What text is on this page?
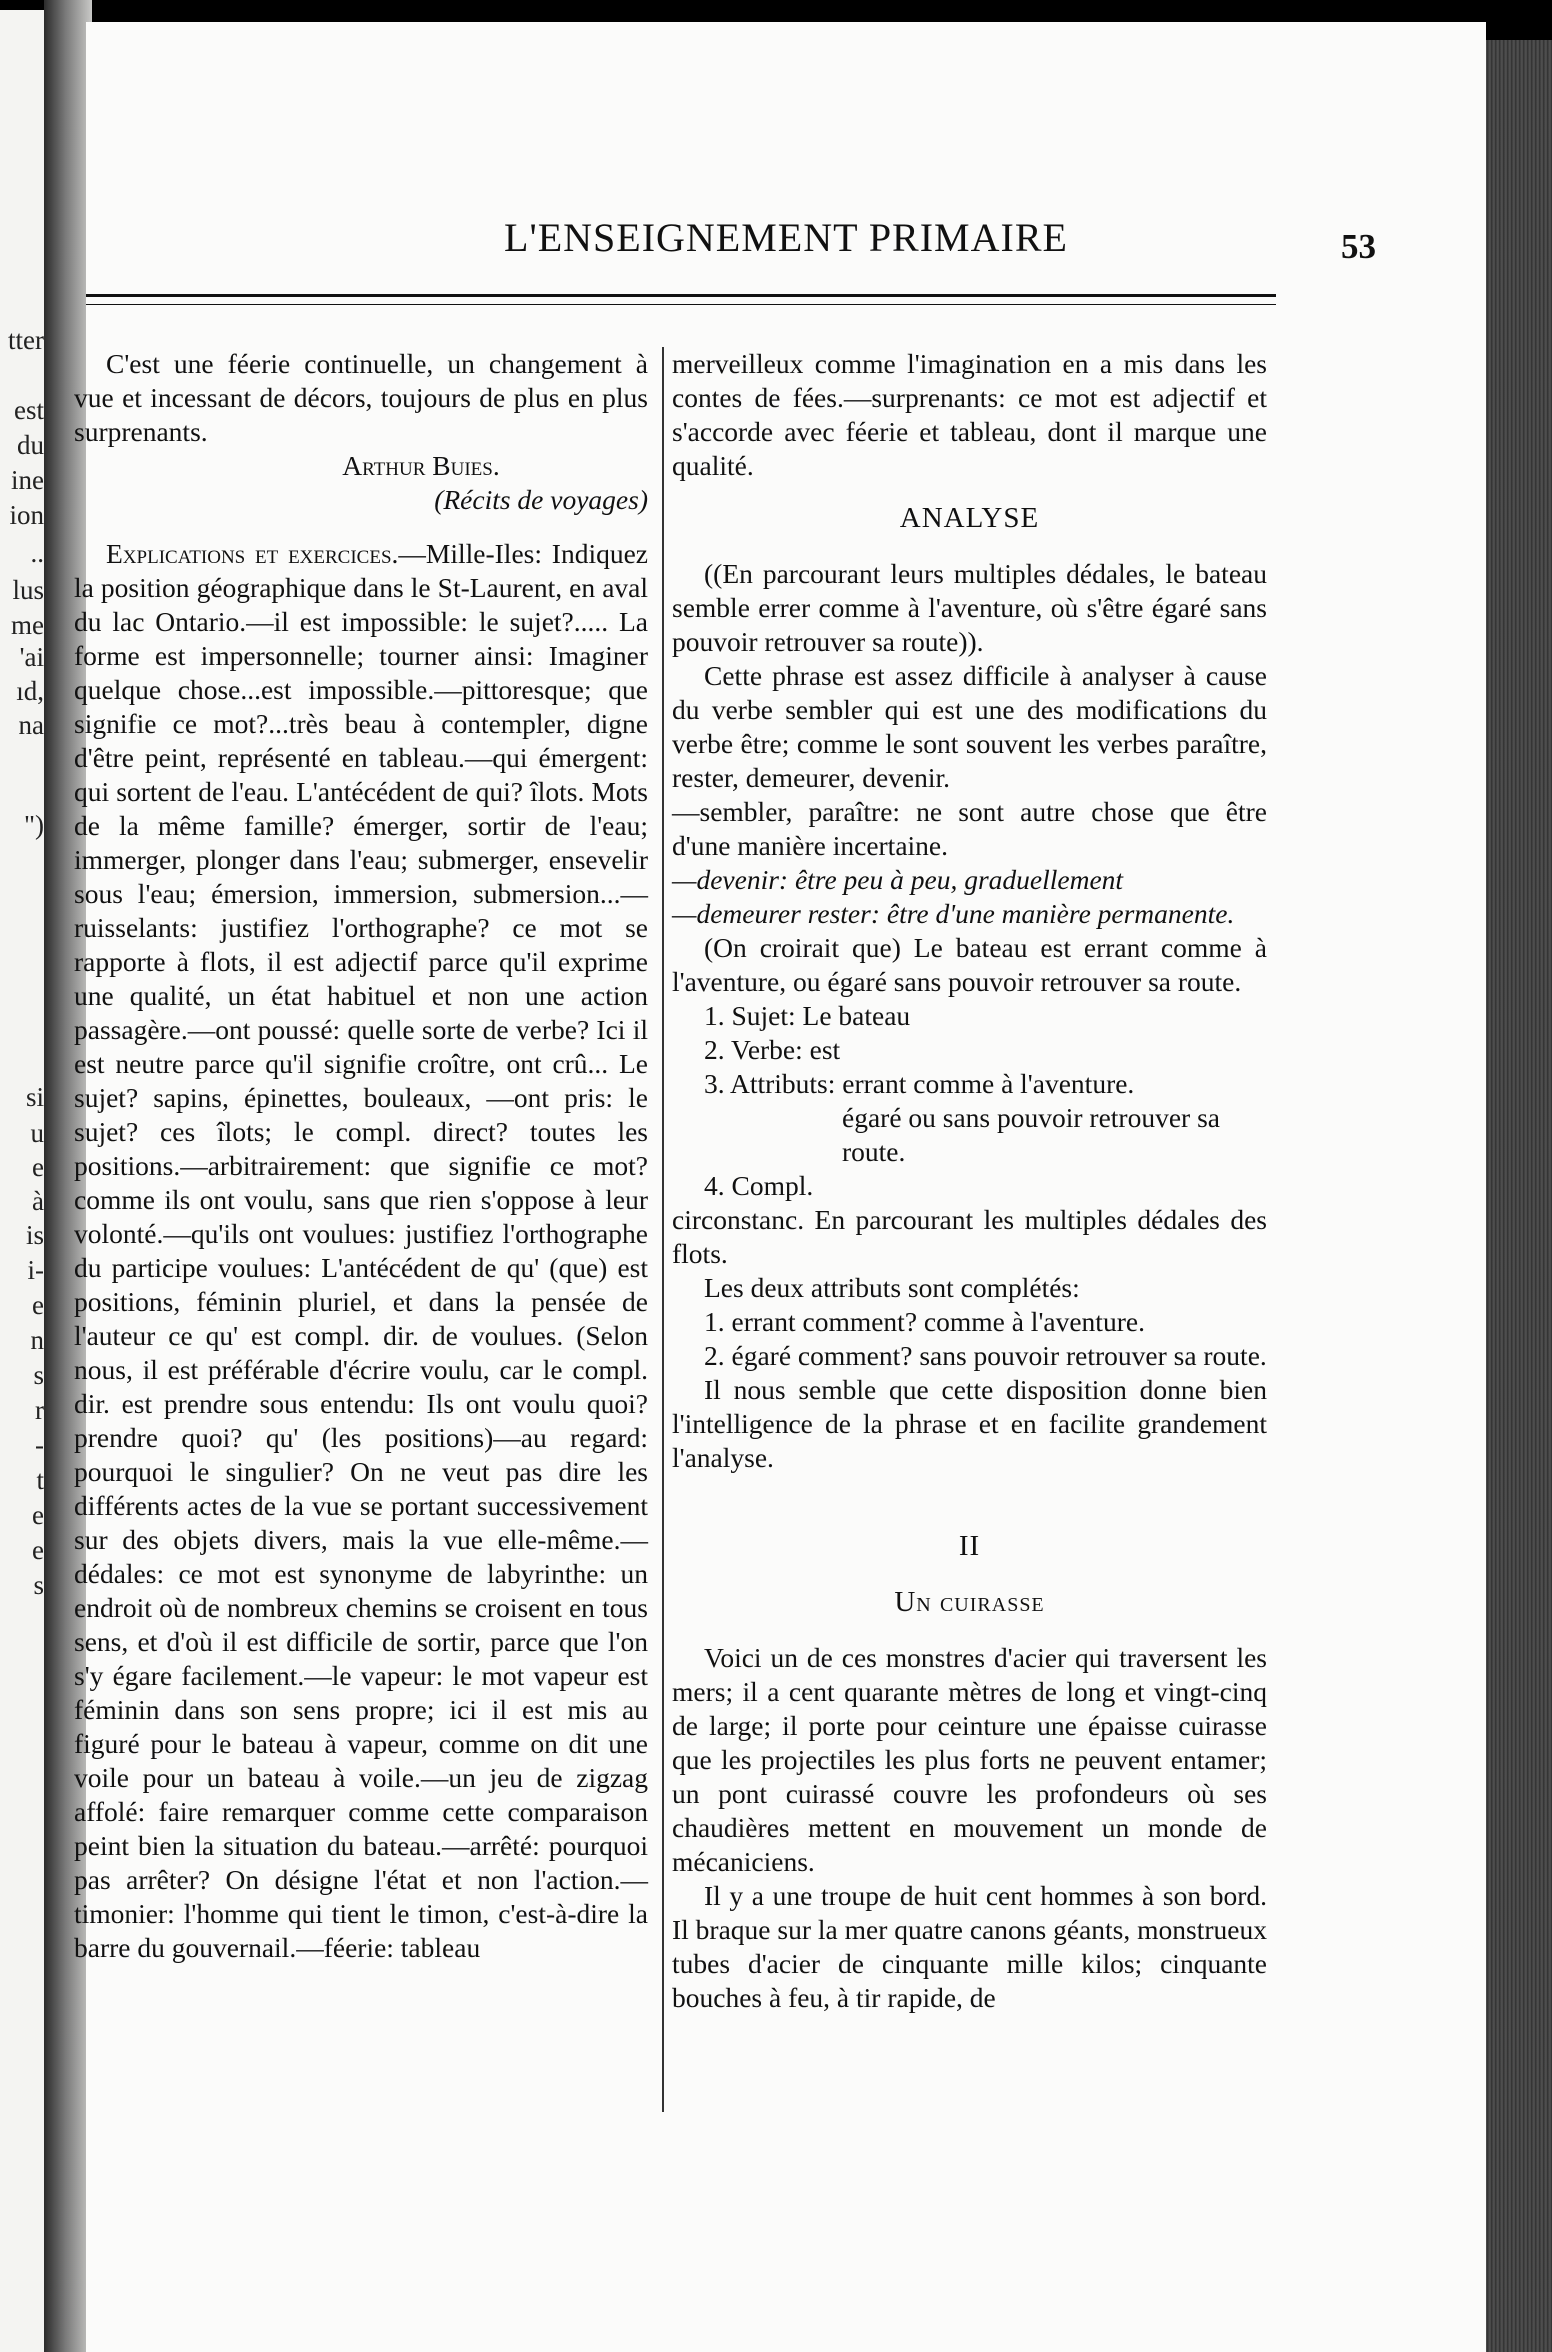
tter
est
du
ine
ion
..
lus
me
'ai
ıd,
na
")
si
u
e
à
is
i-
e
n
s
r
-
t
e
e
s
L'ENSEIGNEMENT PRIMAIRE	53

C'est une féerie continuelle, un changement à vue et incessant de décors, toujours de plus en plus surprenants.

Arthur Buies.

(Récits de voyages)

Explications et exercices.—Mille-Iles: Indiquez la position géographique dans le St-Laurent, en aval du lac Ontario.—il est impossible: le sujet?..... La forme est impersonnelle; tourner ainsi: Imaginer quelque chose...est impossible.—pittoresque; que signifie ce mot?...très beau à contempler, digne d'être peint, représenté en tableau.—qui émergent: qui sortent de l'eau. L'antécédent de qui? îlots. Mots de la même famille? émerger, sortir de l'eau; immerger, plonger dans l'eau; submerger, ensevelir sous l'eau; émersion, immersion, submersion...—ruisselants: justifiez l'orthographe? ce mot se rapporte à flots, il est adjectif parce qu'il exprime une qualité, un état habituel et non une action passagère.—ont poussé: quelle sorte de verbe? Ici il est neutre parce qu'il signifie croître, ont crû... Le sujet? sapins, épinettes, bouleaux, —ont pris: le sujet? ces îlots; le compl. direct? toutes les positions.—arbitrairement: que signifie ce mot? comme ils ont voulu, sans que rien s'oppose à leur volonté.—qu'ils ont voulues: justifiez l'orthographe du participe voulues: L'antécédent de qu' (que) est positions, féminin pluriel, et dans la pensée de l'auteur ce qu' est compl. dir. de voulues. (Selon nous, il est préférable d'écrire voulu, car le compl. dir. est prendre sous entendu: Ils ont voulu quoi? prendre quoi? qu' (les positions)—au regard: pourquoi le singulier? On ne veut pas dire les différents actes de la vue se portant successivement sur des objets divers, mais la vue elle-même.—dédales: ce mot est synonyme de labyrinthe: un endroit où de nombreux chemins se croisent en tous sens, et d'où il est difficile de sortir, parce que l'on s'y égare facilement.—le vapeur: le mot vapeur est féminin dans son sens propre; ici il est mis au figuré pour le bateau à vapeur, comme on dit une voile pour un bateau à voile.—un jeu de zigzag affolé: faire remarquer comme cette comparaison peint bien la situation du bateau.—arrêté: pourquoi pas arrêter? On désigne l'état et non l'action.—timonier: l'homme qui tient le timon, c'est-à-dire la barre du gouvernail.—féerie: tableau

merveilleux comme l'imagination en a mis dans les contes de fées.—surprenants: ce mot est adjectif et s'accorde avec féerie et tableau, dont il marque une qualité.

ANALYSE

((En parcourant leurs multiples dédales, le bateau semble errer comme à l'aventure, où s'être égaré sans pouvoir retrouver sa route)).

Cette phrase est assez difficile à analyser à cause du verbe sembler qui est une des modifications du verbe être; comme le sont souvent les verbes paraître, rester, demeurer, devenir.

—sembler, paraître: ne sont autre chose que être d'une manière incertaine.

—devenir: être peu à peu, graduellement

—demeurer rester: être d'une manière permanente.

(On croirait que) Le bateau est errant comme à l'aventure, ou égaré sans pouvoir retrouver sa route.

1. Sujet: Le bateau

2. Verbe: est

3. Attributs: errant comme à l'aventure.

égaré ou sans pouvoir retrouver sa route.

4. Compl.

circonstanc. En parcourant les multiples dédales des flots.

Les deux attributs sont complétés:

1. errant comment? comme à l'aventure.

2. égaré comment? sans pouvoir retrouver sa route.

Il nous semble que cette disposition donne bien l'intelligence de la phrase et en facilite grandement l'analyse.

II
Un cuirasse

Voici un de ces monstres d'acier qui traversent les mers; il a cent quarante mètres de long et vingt-cinq de large; il porte pour ceinture une épaisse cuirasse que les projectiles les plus forts ne peuvent entamer; un pont cuirassé couvre les profondeurs où ses chaudières mettent en mouvement un monde de mécaniciens.

Il y a une troupe de huit cent hommes à son bord. Il braque sur la mer quatre canons géants, monstrueux tubes d'acier de cinquante mille kilos; cinquante bouches à feu, à tir rapide, de
